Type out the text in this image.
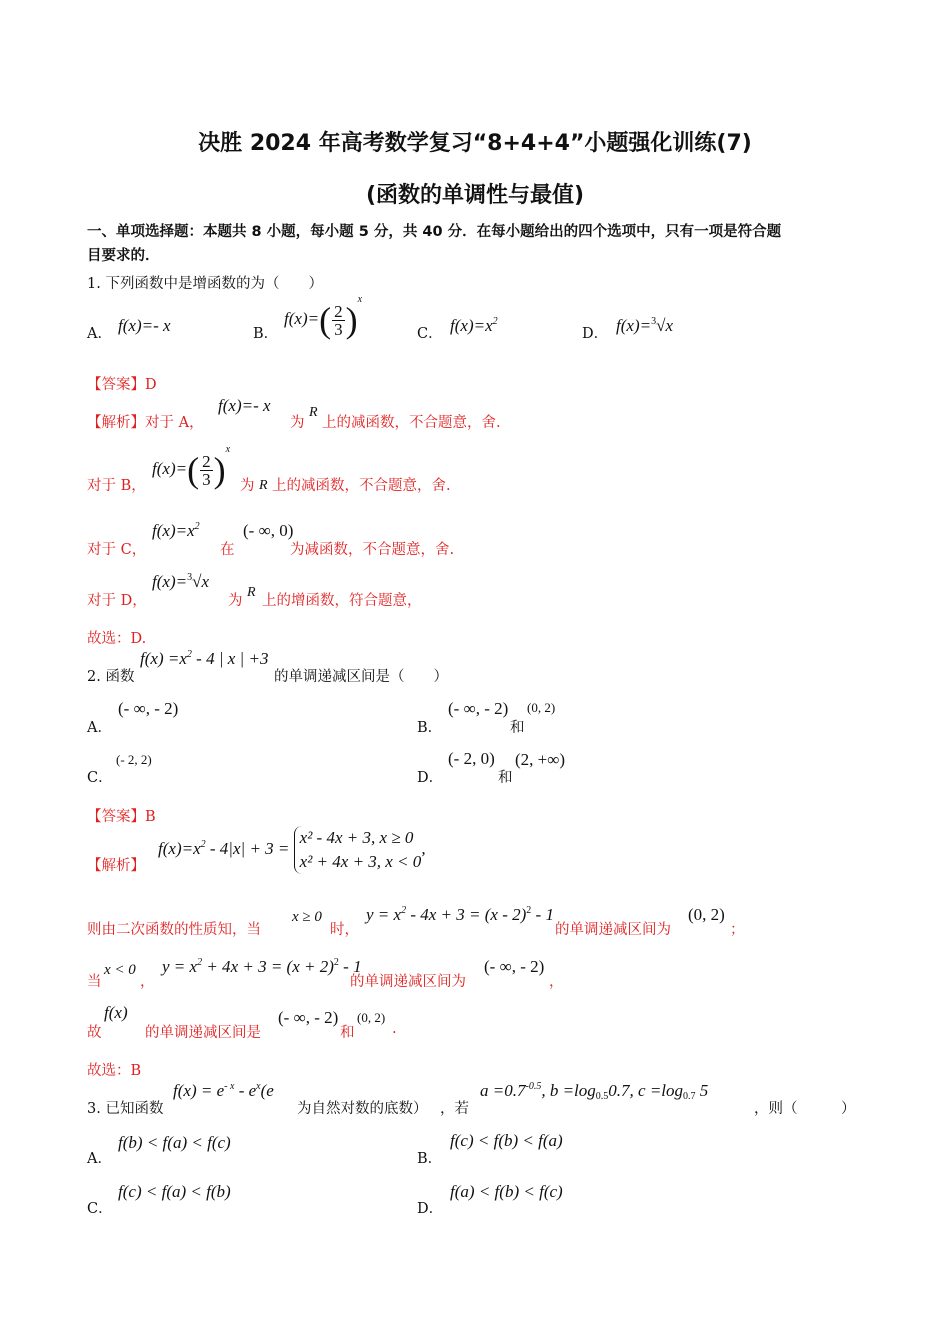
决胜 2024 年高考数学复习“8+4+4”小题强化训练(7)
(函数的单调性与最值)
一、单项选择题：本题共 8 小题，每小题 5 分，共 40 分．在每小题给出的四个选项中，只有一项是符合题
目要求的．
1. 下列函数中是增函数的为（　　）
A． f(x)=- x	B．
$f(x)=( \frac{2}{3} )^x$
C． $f(x)=x^2$
D． f(x)=$^3$√x
【答案】D
【解析】对于 A，
f(x)=- x
为
R
上的减函数，不合题意，舍.
对于 B，
$f(x)=( \frac{2}{3} )^x$
为 R 上的减函数，不合题意，舍.
对于 C，
$f(x)=x^2$
在
(- ∞, 0)
为减函数，不合题意，舍.
对于 D，
f(x)=$^3$√x
为
R
上的增函数，符合题意，
故选：D.
2. 函数
$f(x) =x^2 - 4$ | x | +3
的单调递减区间是（　　）
A．
(- ∞, - 2)
B．
(- ∞, - 2)
和
(0, 2)
C．
(- 2, 2)
D．
(- 2, 0)
和
(2, +∞)
【答案】B
【解析】
$f(x)=x^2 - 4|x| + 3$ =
x² - 4x + 3, x ≥ 0
x² + 4x + 3, x < 0
,
则由二次函数的性质知，当
x ≥ 0
时，
$y = x^2 - 4x + 3 = (x - 2)^2 - 1$
的单调递减区间为
(0, 2)
；
当
x < 0
，
$y = x^2 + 4x + 3 = (x + 2)^2 - 1$
的单调递减区间为
(- ∞, - 2)
，
故
f(x)
的单调递减区间是
(- ∞, - 2)
和
(0, 2)
.
故选：B
3. 已知函数
$f(x) = e^{- x} - e^x(e$
为自然对数的底数） ，若
$a =0.7^{-0.5}$, $b =\log_{0.5}0.7$, $c =\log_{0.7}$ 5
，则（　　　）
A．
f(b) < f(a) < f(c)
B．
f(c) < f(b) < f(a)
C．
f(c) < f(a) < f(b)
D．
f(a) < f(b) < f(c)
